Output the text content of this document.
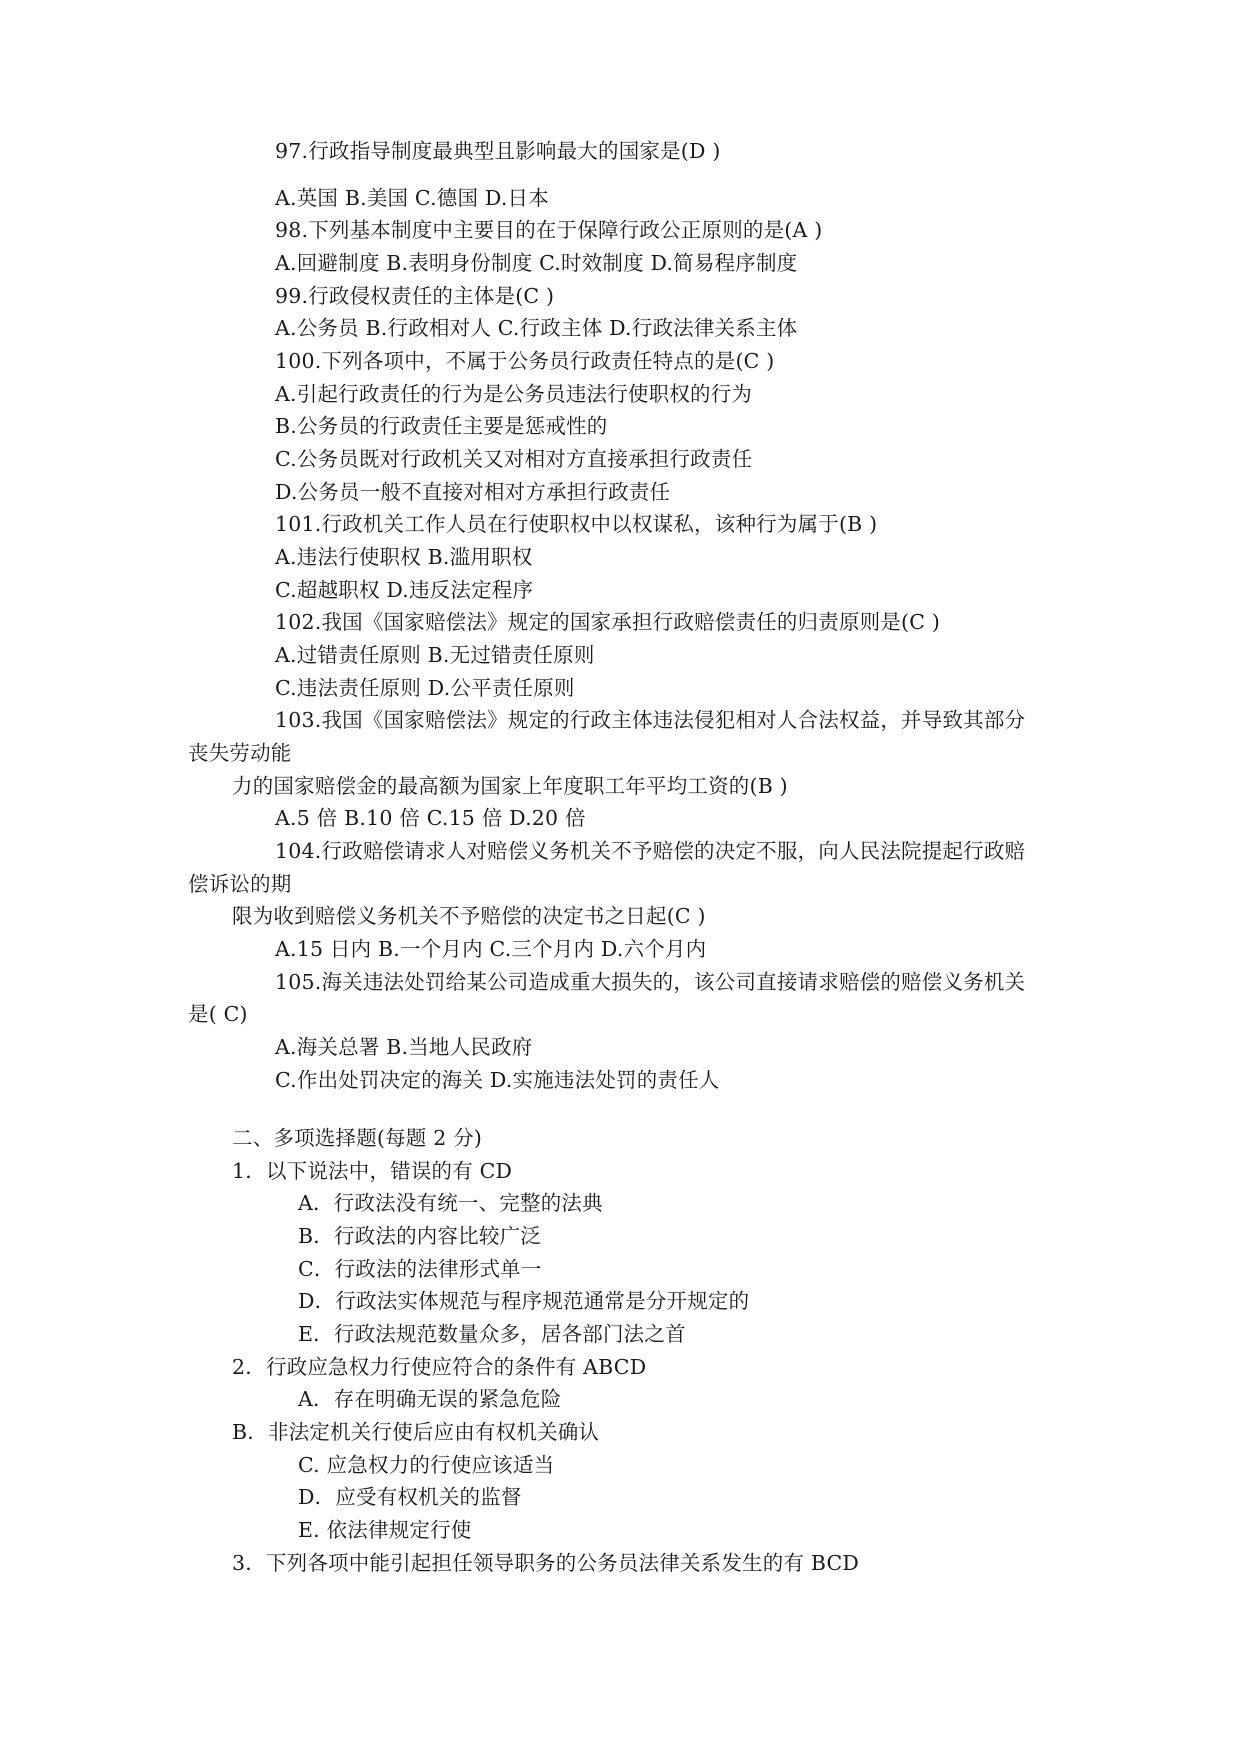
97.行政指导制度最典型且影响最大的国家是(D )
A.英国 B.美国 C.德国 D.日本
98.下列基本制度中主要目的在于保障行政公正原则的是(A )
A.回避制度 B.表明身份制度 C.时效制度 D.简易程序制度
99.行政侵权责任的主体是(C )
A.公务员 B.行政相对人 C.行政主体 D.行政法律关系主体
100.下列各项中，不属于公务员行政责任特点的是(C )
A.引起行政责任的行为是公务员违法行使职权的行为
B.公务员的行政责任主要是惩戒性的
C.公务员既对行政机关又对相对方直接承担行政责任
D.公务员一般不直接对相对方承担行政责任
101.行政机关工作人员在行使职权中以权谋私，该种行为属于(B )
A.违法行使职权 B.滥用职权
C.超越职权 D.违反法定程序
102.我国《国家赔偿法》规定的国家承担行政赔偿责任的归责原则是(C )
A.过错责任原则 B.无过错责任原则
C.违法责任原则 D.公平责任原则
103.我国《国家赔偿法》规定的行政主体违法侵犯相对人合法权益，并导致其部分
丧失劳动能
力的国家赔偿金的最高额为国家上年度职工年平均工资的(B )
A.5 倍 B.10 倍 C.15 倍 D.20 倍
104.行政赔偿请求人对赔偿义务机关不予赔偿的决定不服，向人民法院提起行政赔
偿诉讼的期
限为收到赔偿义务机关不予赔偿的决定书之日起(C )
A.15 日内 B.一个月内 C.三个月内 D.六个月内
105.海关违法处罚给某公司造成重大损失的，该公司直接请求赔偿的赔偿义务机关
是( C)
A.海关总署 B.当地人民政府
C.作出处罚决定的海关 D.实施违法处罚的责任人
二、多项选择题(每题 2 分)
1．以下说法中，错误的有 CD
A．行政法没有统一、完整的法典
B．行政法的内容比较广泛
C．行政法的法律形式单一
D．行政法实体规范与程序规范通常是分开规定的
E．行政法规范数量众多，居各部门法之首
2．行政应急权力行使应符合的条件有 ABCD
A．存在明确无误的紧急危险
B．非法定机关行使后应由有权机关确认
C. 应急权力的行使应该适当
D．应受有权机关的监督
E. 依法律规定行使
3．下列各项中能引起担任领导职务的公务员法律关系发生的有 BCD
